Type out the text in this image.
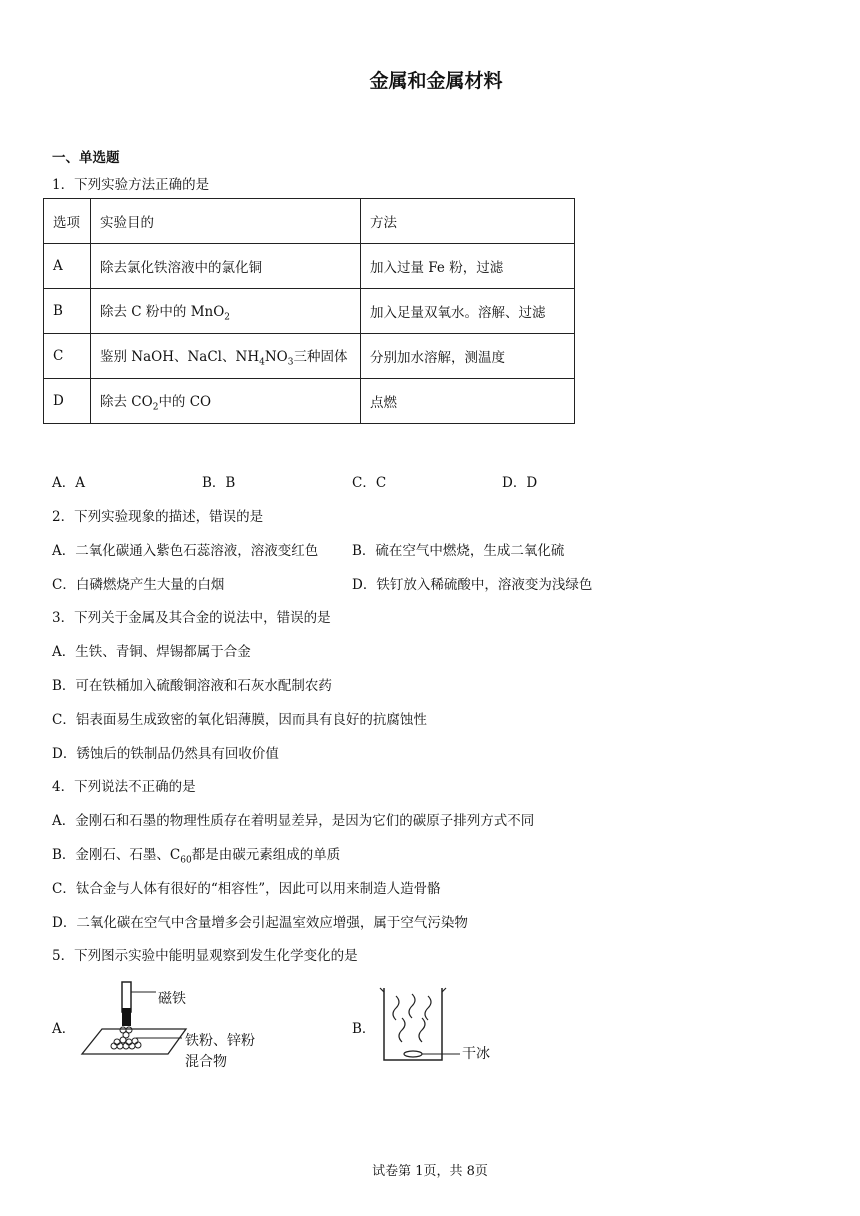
金属和金属材料
一、单选题
1．下列实验方法正确的是
选项	实验目的	方法
A	除去氯化铁溶液中的氯化铜	加入过量 Fe 粉，过滤
B	除去 C 粉中的 MnO$_2$	加入足量双氧水。溶解、过滤
C	鉴别 NaOH、NaCl、$NH_4NO_3$三种固体	分别加水溶解，测温度
D	除去 $CO_2$中的 CO	点燃
A．A	B．B	C．C	D．D
2．下列实验现象的描述，错误的是
A．二氧化碳通入紫色石蕊溶液，溶液变红色	B．硫在空气中燃烧，生成二氧化硫
C．白磷燃烧产生大量的白烟	D．铁钉放入稀硫酸中，溶液变为浅绿色
3．下列关于金属及其合金的说法中，错误的是
A．生铁、青铜、焊锡都属于合金
B．可在铁桶加入硫酸铜溶液和石灰水配制农药
C．铝表面易生成致密的氧化铝薄膜，因而具有良好的抗腐蚀性
D．锈蚀后的铁制品仍然具有回收价值
4．下列说法不正确的是
A．金刚石和石墨的物理性质存在着明显差异，是因为它们的碳原子排列方式不同
B．金刚石、石墨、$C_{60}$都是由碳元素组成的单质
C．钛合金与人体有很好的“相容性”，因此可以用来制造人造骨骼
D．二氧化碳在空气中含量增多会引起温室效应增强，属于空气污染物
5．下列图示实验中能明显观察到发生化学变化的是
A．
磁铁
铁粉、锌粉
混合物
B．
干冰
试卷第 1页，共 8页
